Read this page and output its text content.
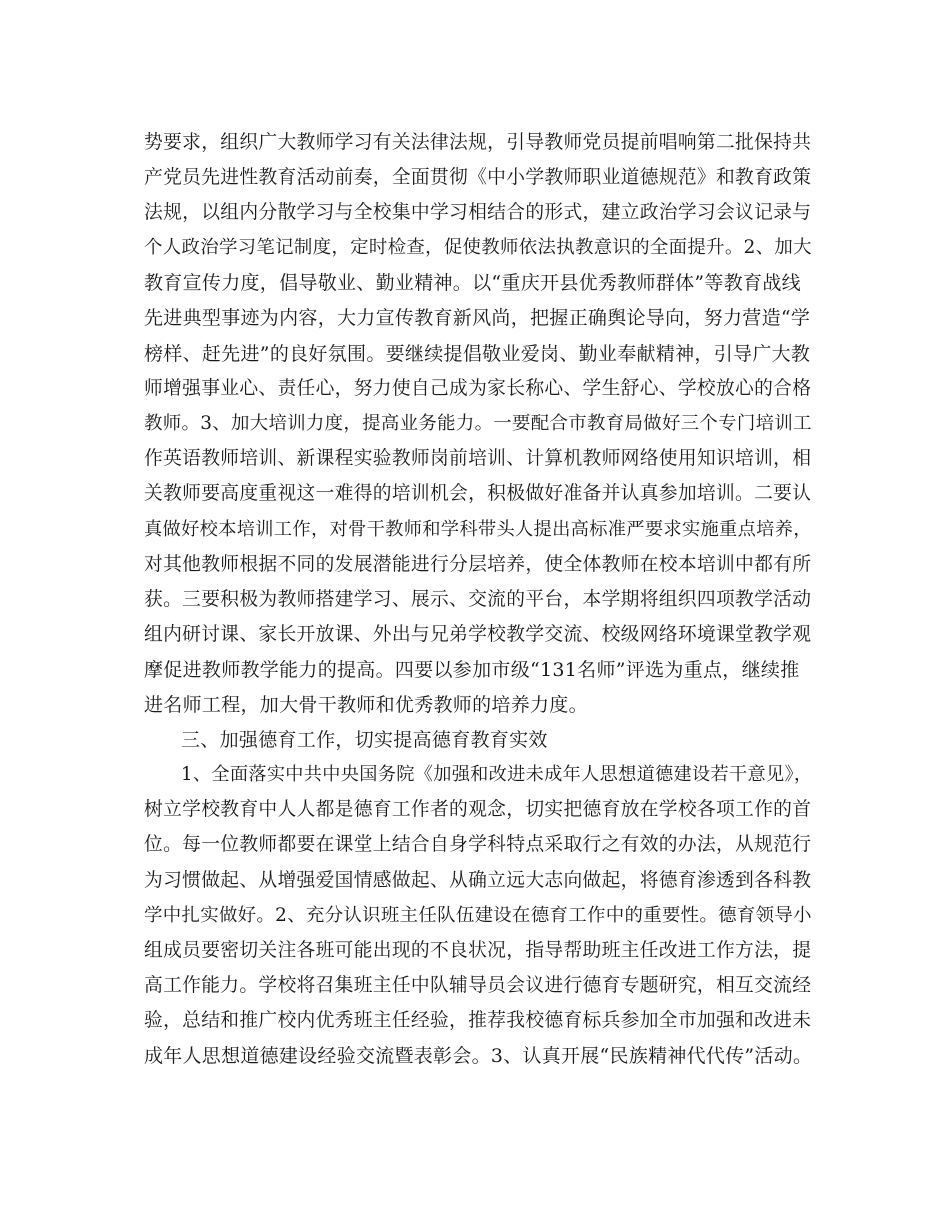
势要求，组织广大教师学习有关法律法规，引导教师党员提前唱响第二批保持共
产党员先进性教育活动前奏，全面贯彻《中小学教师职业道德规范》和教育政策
法规，以组内分散学习与全校集中学习相结合的形式，建立政治学习会议记录与
个人政治学习笔记制度，定时检查，促使教师依法执教意识的全面提升。2、加大
教育宣传力度，倡导敬业、勤业精神。以“重庆开县优秀教师群体”等教育战线
先进典型事迹为内容，大力宣传教育新风尚，把握正确舆论导向，努力营造“学
榜样、赶先进”的良好氛围。要继续提倡敬业爱岗、勤业奉献精神，引导广大教
师增强事业心、责任心，努力使自己成为家长称心、学生舒心、学校放心的合格
教师。3、加大培训力度，提高业务能力。一要配合市教育局做好三个专门培训工
作英语教师培训、新课程实验教师岗前培训、计算机教师网络使用知识培训，相
关教师要高度重视这一难得的培训机会，积极做好准备并认真参加培训。二要认
真做好校本培训工作，对骨干教师和学科带头人提出高标准严要求实施重点培养，
对其他教师根据不同的发展潜能进行分层培养，使全体教师在校本培训中都有所
获。三要积极为教师搭建学习、展示、交流的平台，本学期将组织四项教学活动
组内研讨课、家长开放课、外出与兄弟学校教学交流、校级网络环境课堂教学观
摩促进教师教学能力的提高。四要以参加市级“131名师”评选为重点，继续推
进名师工程，加大骨干教师和优秀教师的培养力度。
三、加强德育工作，切实提高德育教育实效
1、全面落实中共中央国务院《加强和改进未成年人思想道德建设若干意见》，
树立学校教育中人人都是德育工作者的观念，切实把德育放在学校各项工作的首
位。每一位教师都要在课堂上结合自身学科特点采取行之有效的办法，从规范行
为习惯做起、从增强爱国情感做起、从确立远大志向做起，将德育渗透到各科教
学中扎实做好。2、充分认识班主任队伍建设在德育工作中的重要性。德育领导小
组成员要密切关注各班可能出现的不良状况，指导帮助班主任改进工作方法，提
高工作能力。学校将召集班主任中队辅导员会议进行德育专题研究，相互交流经
验，总结和推广校内优秀班主任经验，推荐我校德育标兵参加全市加强和改进未
成年人思想道德建设经验交流暨表彰会。3、认真开展“民族精神代代传”活动。
